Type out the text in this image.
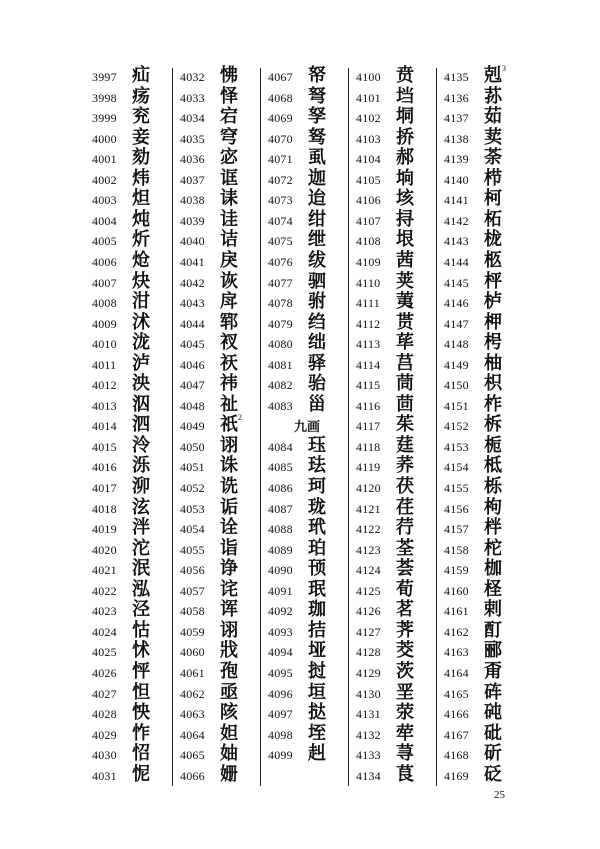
3997 疝
3998 疡
3999 兖
4000 妾
4001 劾
4002 炜
4003 炟
4004 炖
4005 炘
4006 炝
4007 炔
4008 泔
4009 沭
4010 泷
4011 泸
4012 泱
4013 泅
4014 泗
4015 泠
4016 泺
4017 泖
4018 泫
4019 泮
4020 沱
4021 泯
4022 泓
4023 泾
4024 怙
4025 怵
4026 怦
4027 怛
4028 怏
4029 怍
4030 怊
4031 怩
4032 怫
4033 怿
4034 宕
4035 穹
4036 宓
4037 诓
4038 诔
4039 诖
4040 诘
4041 戾
4042 诙
4043 戽
4044 郓
4045 衩
4046 祆
4047 祎
4048 祉
4049 祇 2
4050 诩
4051 诛
4052 诜
4053 诟
4054 诠
4055 诣
4056 诤
4057 诧
4058 诨
4059 诩
4060 戕
4061 孢
4062 亟
4063 陔
4064 妲
4065 妯
4066 姗
4067 帑
4068 弩
4069 孥
4070 驽
4071 虱
4072 迦
4073 迨
4074 绀
4075 绁
4076 绂
4077 驷
4078 驸
4079 绉
4080 绌
4081 驿
4082 骀
4083 甾
4084 珏
4085 珐
4086 珂
4087 珑
4088 玳
4089 珀
4090 顸
4091 珉
4092 珈
4093 拮
4094 垭
4095 挝
4096 垣
4097 挞
4098 垤
4099 赳
九画
4100 贲
4101 垱
4102 垌
4103 挢
4104 郝
4105 垧
4106 垓
4107 挦
4108 垠
4109 茜
4110 荚
4111 荑
4112 贳
4113 荜
4114 莒
4115 茼
4116 茴
4117 茱
4118 莛
4119 荞
4120 茯
4121 荏
4122 荇
4123 荃
4124 荟
4125 荀
4126 茗
4127 荠
4128 茭
4129 茨
4130 垩
4131 荥
4132 荦
4133 荨
4134 茛
4135 剋 3
4136 荪
4137 茹
4138 荬
4139 荼
4140 栉
4141 柯
4142 柘
4143 栊
4144 柩
4145 枰
4146 栌
4147 柙
4148 枵
4149 柚
4150 枳
4151 柞
4152 柝
4153 栀
4154 柢
4155 栎
4156 枸
4157 柈
4158 柁
4159 枷
4160 柽
4161 剌
4162 酊
4163 郦
4164 甭
4165 砗
4166 砘
4167 砒
4168 斫
4169 砭
25
